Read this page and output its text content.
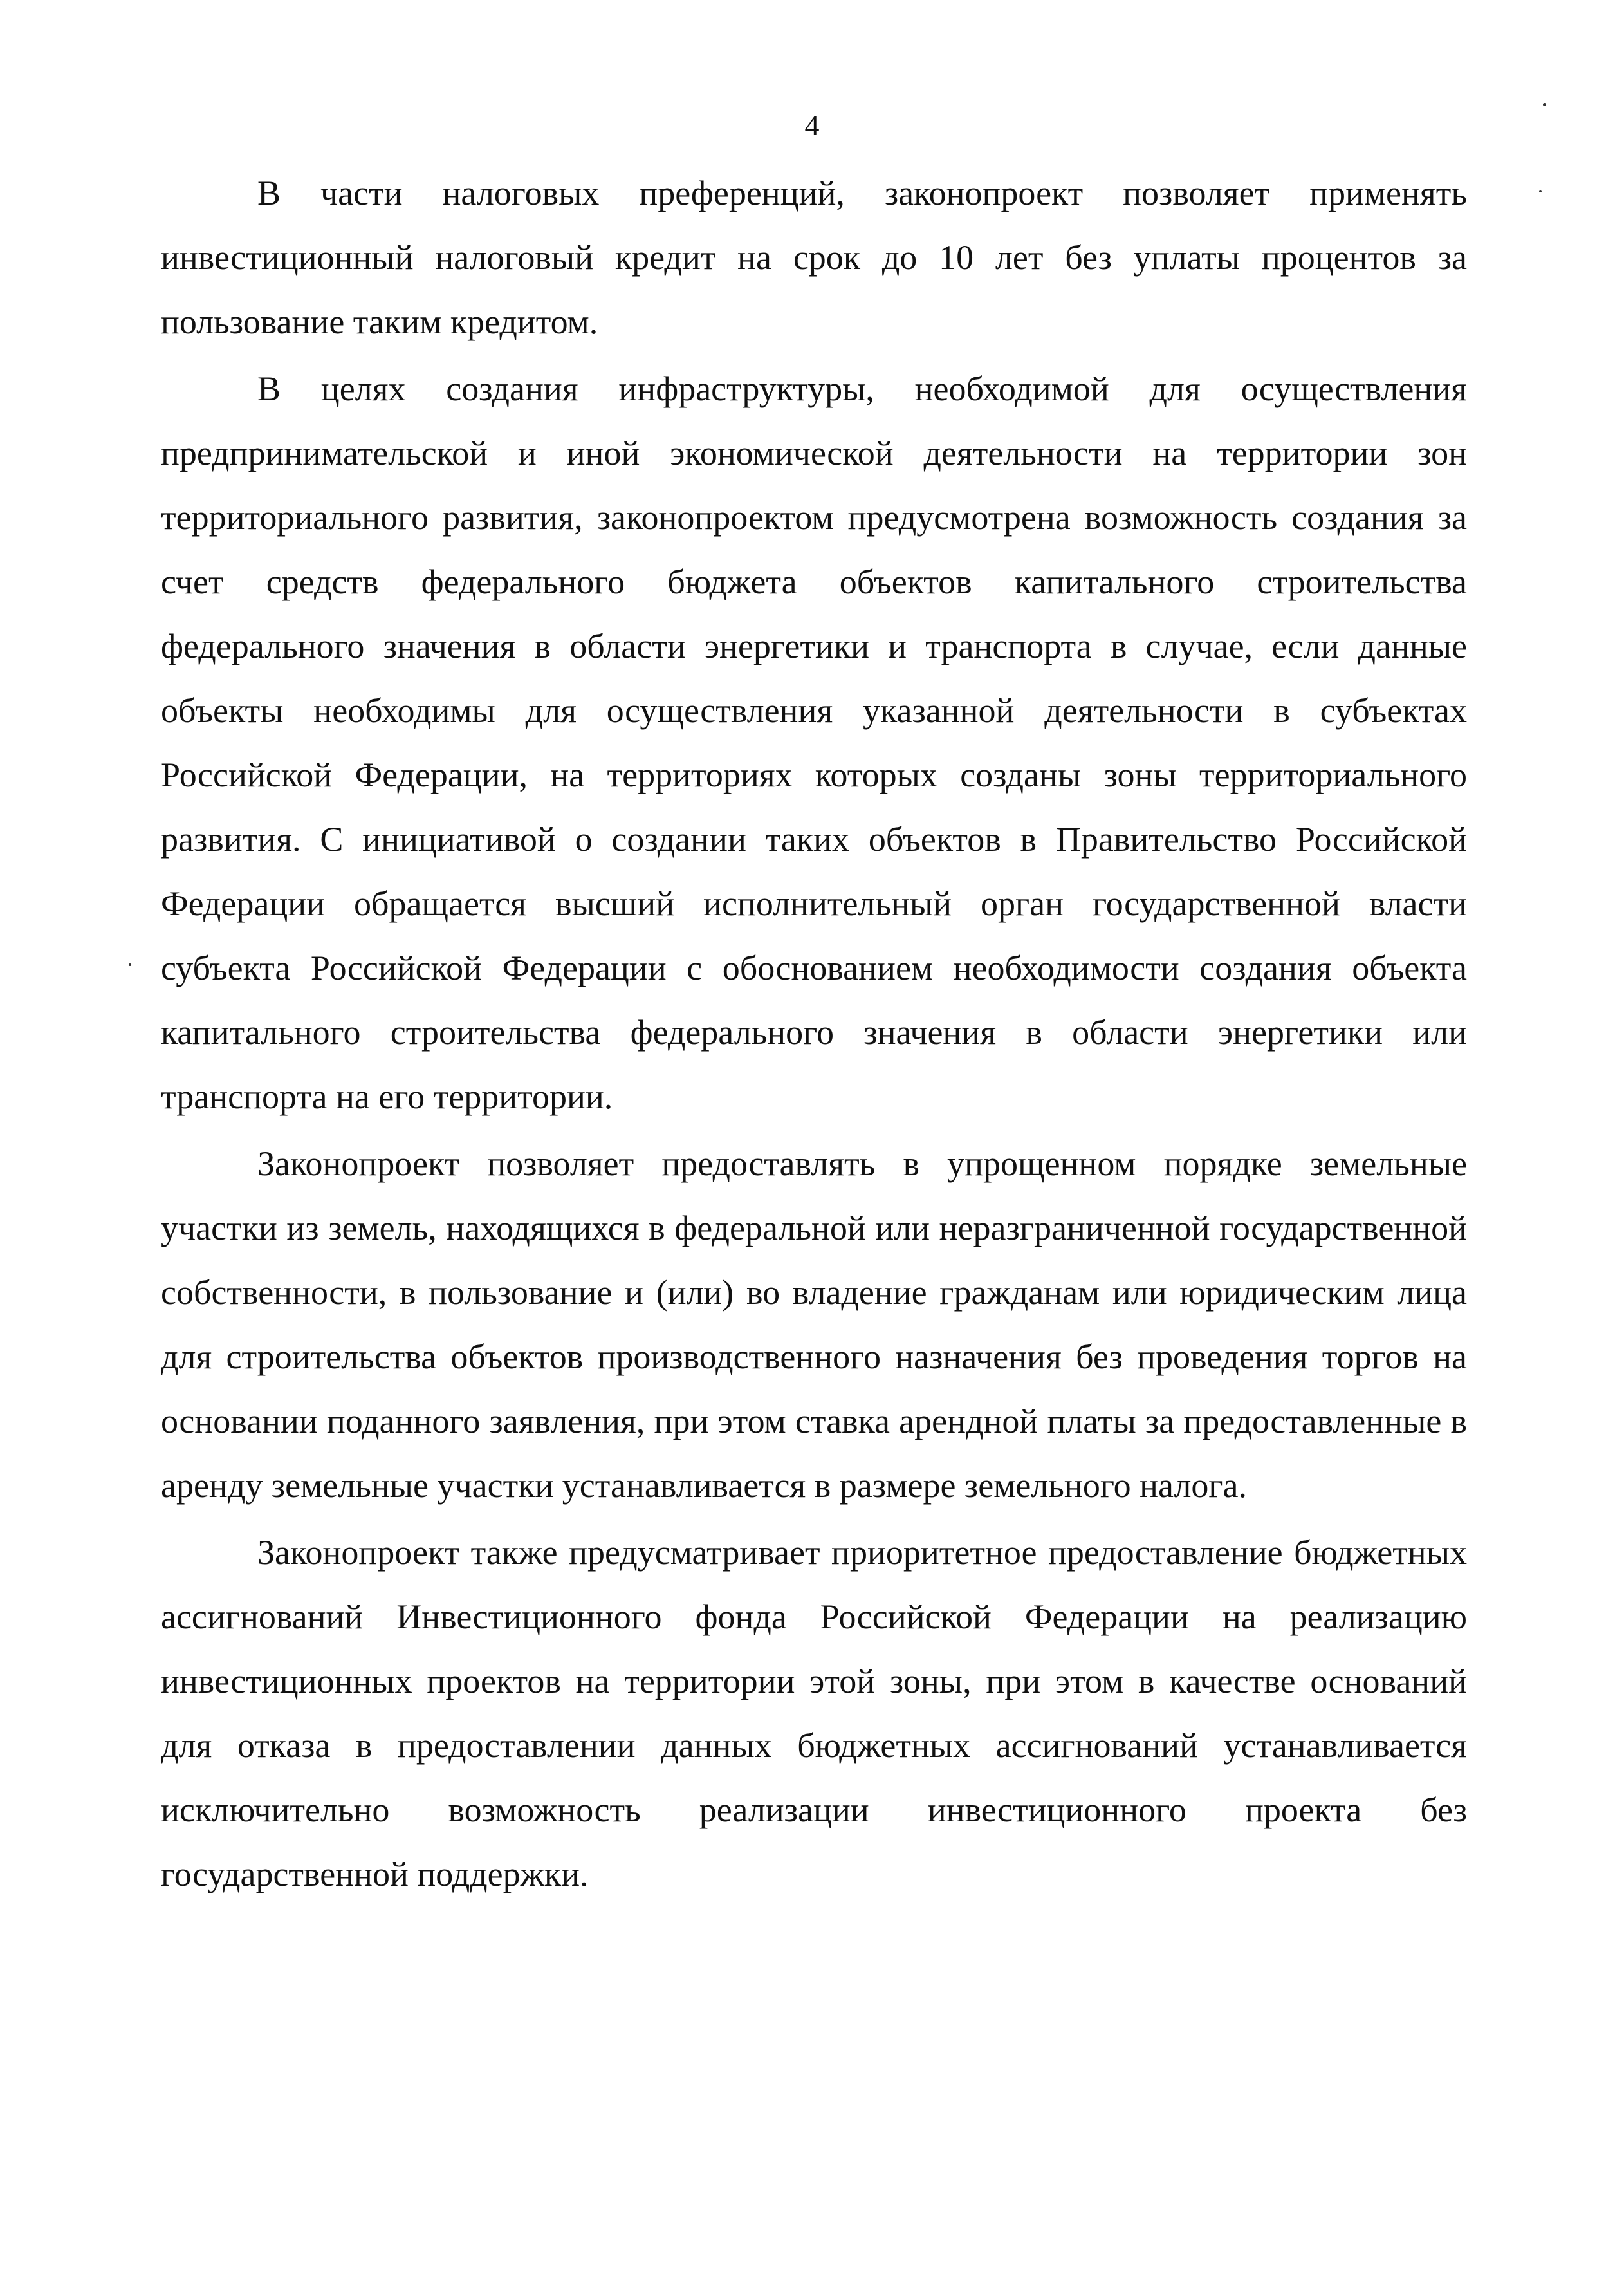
4

В части налоговых преференций, законопроект позволяет применять инвестиционный налоговый кредит на срок до 10 лет без уплаты процентов за пользование таким кредитом.

В целях создания инфраструктуры, необходимой для осуществления предпринимательской и иной экономической деятельности на территории зон территориального развития, законопроектом предусмотрена возможность создания за счет средств федерального бюджета объектов капитального строительства федерального значения в области энергетики и транспорта в случае, если данные объекты необходимы для осуществления указанной деятельности в субъектах Российской Федерации, на территориях которых созданы зоны территориального развития. С инициативой о создании таких объектов в Правительство Российской Федерации обращается высший исполнительный орган государственной власти субъекта Российской Федерации с обоснованием необходимости создания объекта капитального строительства федерального значения в области энергетики или транспорта на его территории.

Законопроект позволяет предоставлять в упрощенном порядке земельные участки из земель, находящихся в федеральной или неразграниченной государственной собственности, в пользование и (или) во владение гражданам или юридическим лица для строительства объектов производственного назначения без проведения торгов на основании поданного заявления, при этом ставка арендной платы за предоставленные в аренду земельные участки устанавливается в размере земельного налога.

Законопроект также предусматривает приоритетное предоставление бюджетных ассигнований Инвестиционного фонда Российской Федерации на реализацию инвестиционных проектов на территории этой зоны, при этом в качестве оснований для отказа в предоставлении данных бюджетных ассигнований устанавливается исключительно возможность реализации инвестиционного проекта без государственной поддержки.
